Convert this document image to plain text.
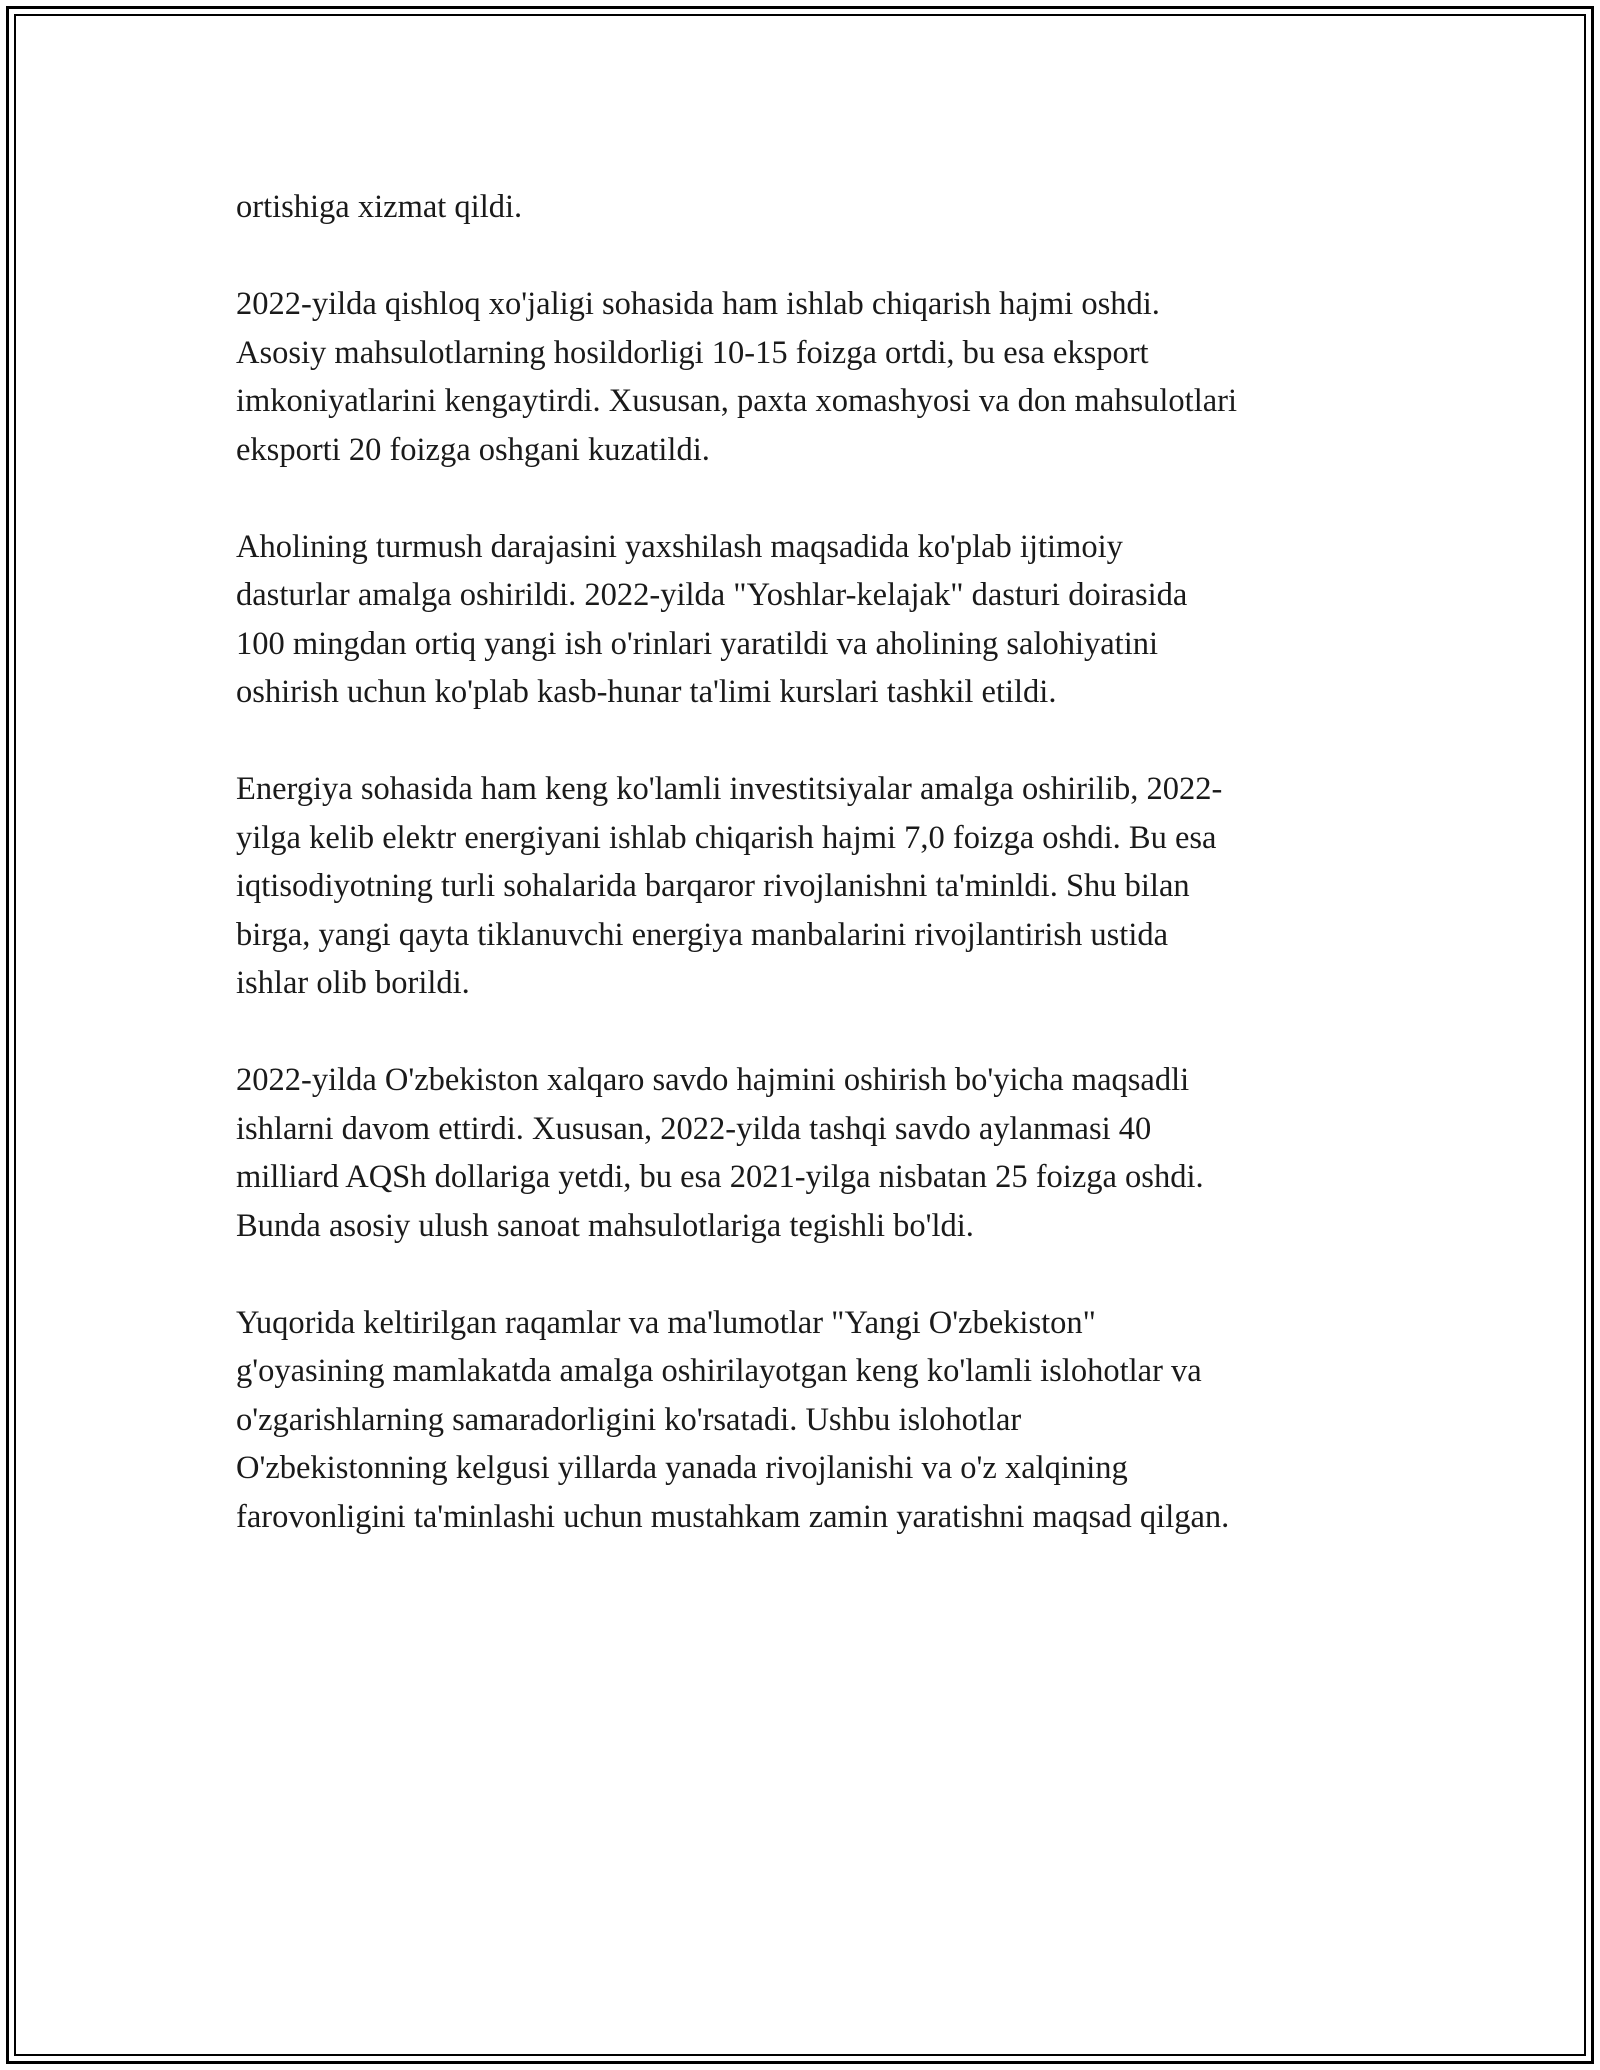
ortishiga xizmat qildi.

2022-yilda qishloq xo'jaligi sohasida ham ishlab chiqarish hajmi oshdi.
Asosiy mahsulotlarning hosildorligi 10-15 foizga ortdi, bu esa eksport
imkoniyatlarini kengaytirdi. Xususan, paxta xomashyosi va don mahsulotlari
eksporti 20 foizga oshgani kuzatildi.

Aholining turmush darajasini yaxshilash maqsadida ko'plab ijtimoiy
dasturlar amalga oshirildi. 2022-yilda "Yoshlar-kelajak" dasturi doirasida
100 mingdan ortiq yangi ish o'rinlari yaratildi va aholining salohiyatini
oshirish uchun ko'plab kasb-hunar ta'limi kurslari tashkil etildi.

Energiya sohasida ham keng ko'lamli investitsiyalar amalga oshirilib, 2022-
yilga kelib elektr energiyani ishlab chiqarish hajmi 7,0 foizga oshdi. Bu esa
iqtisodiyotning turli sohalarida barqaror rivojlanishni ta'minldi. Shu bilan
birga, yangi qayta tiklanuvchi energiya manbalarini rivojlantirish ustida
ishlar olib borildi.

2022-yilda O'zbekiston xalqaro savdo hajmini oshirish bo'yicha maqsadli
ishlarni davom ettirdi. Xususan, 2022-yilda tashqi savdo aylanmasi 40
milliard AQSh dollariga yetdi, bu esa 2021-yilga nisbatan 25 foizga oshdi.
Bunda asosiy ulush sanoat mahsulotlariga tegishli bo'ldi.

Yuqorida keltirilgan raqamlar va ma'lumotlar "Yangi O'zbekiston"
g'oyasining mamlakatda amalga oshirilayotgan keng ko'lamli islohotlar va
o'zgarishlarning samaradorligini ko'rsatadi. Ushbu islohotlar
O'zbekistonning kelgusi yillarda yanada rivojlanishi va o'z xalqining
farovonligini ta'minlashi uchun mustahkam zamin yaratishni maqsad qilgan.
